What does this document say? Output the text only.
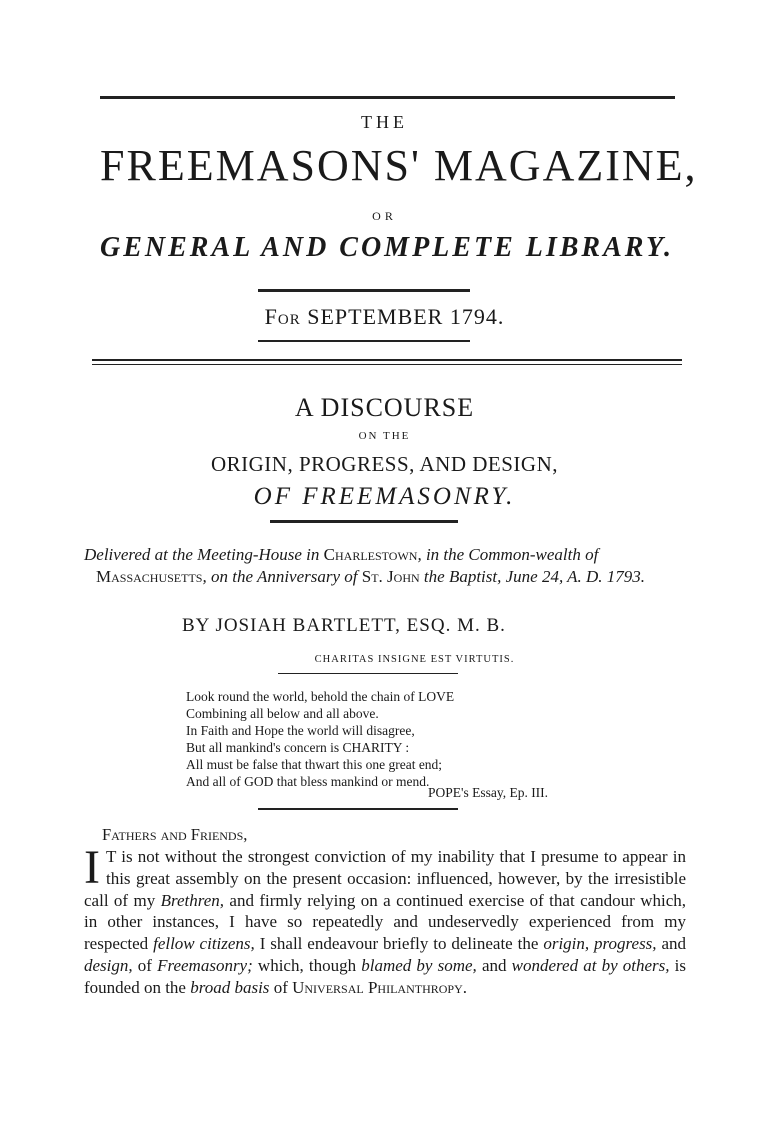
THE
FREEMASONS' MAGAZINE,
OR
GENERAL AND COMPLETE LIBRARY.
For SEPTEMBER 1794.
A DISCOURSE
ON THE
ORIGIN, PROGRESS, AND DESIGN,
OF FREEMASONRY.
Delivered at the Meeting-House in Charlestown, in the Common-wealth of Massachusetts, on the Anniversary of St. John the Baptist, June 24, A. D. 1793.
BY JOSIAH BARTLETT, ESQ. M. B.
CHARITAS INSIGNE EST VIRTUTIS.
Look round the world, behold the chain of LOVE
Combining all below and all above.
In Faith and Hope the world will disagree,
But all mankind's concern is CHARITY :
All must be false that thwart this one great end;
And all of GOD that bless mankind or mend.
POPE's Essay, Ep. III.
Fathers and Friends,
I T is not without the strongest conviction of my inability that I presume to appear in this great assembly on the present occasion: influenced, however, by the irresistible call of my Brethren, and firmly relying on a continued exercise of that candour which, in other instances, I have so repeatedly and undeservedly experienced from my respected fellow citizens, I shall endeavour briefly to delineate the origin, progress, and design, of Freemasonry; which, though blamed by some, and wondered at by others, is founded on the broad basis of Universal Philanthropy.
